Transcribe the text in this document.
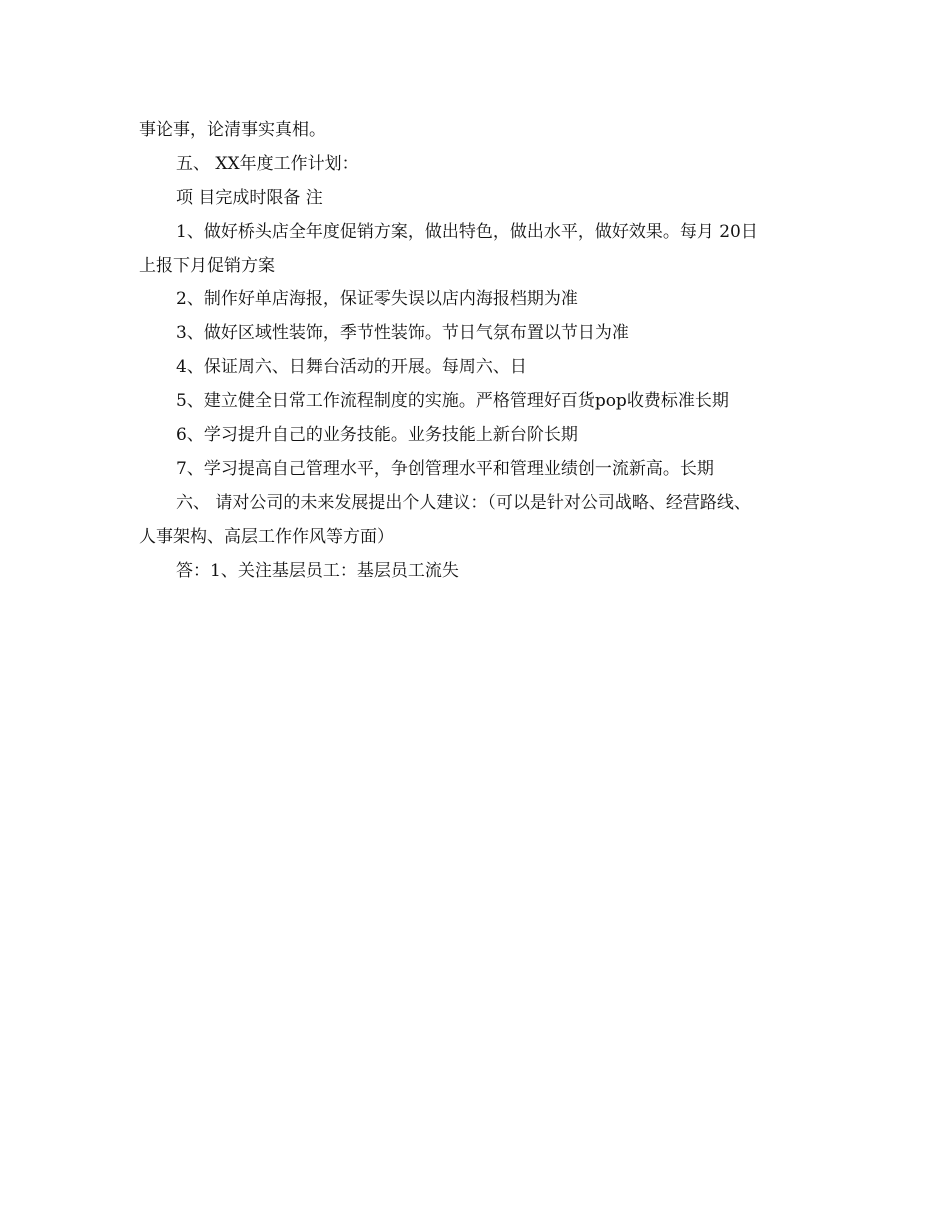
事论事，论清事实真相。
五、 XX年度工作计划：
项 目完成时限备 注
1、做好桥头店全年度促销方案，做出特色，做出水平，做好效果。每月 20日
上报下月促销方案
2、制作好单店海报，保证零失误以店内海报档期为准
3、做好区域性装饰，季节性装饰。节日气氛布置以节日为准
4、保证周六、日舞台活动的开展。每周六、日
5、建立健全日常工作流程制度的实施。严格管理好百货pop收费标准长期
6、学习提升自己的业务技能。业务技能上新台阶长期
7、学习提高自己管理水平，争创管理水平和管理业绩创一流新高。长期
六、 请对公司的未来发展提出个人建议：（可以是针对公司战略、经营路线、
人事架构、高层工作作风等方面）
答：1、关注基层员工：基层员工流失
